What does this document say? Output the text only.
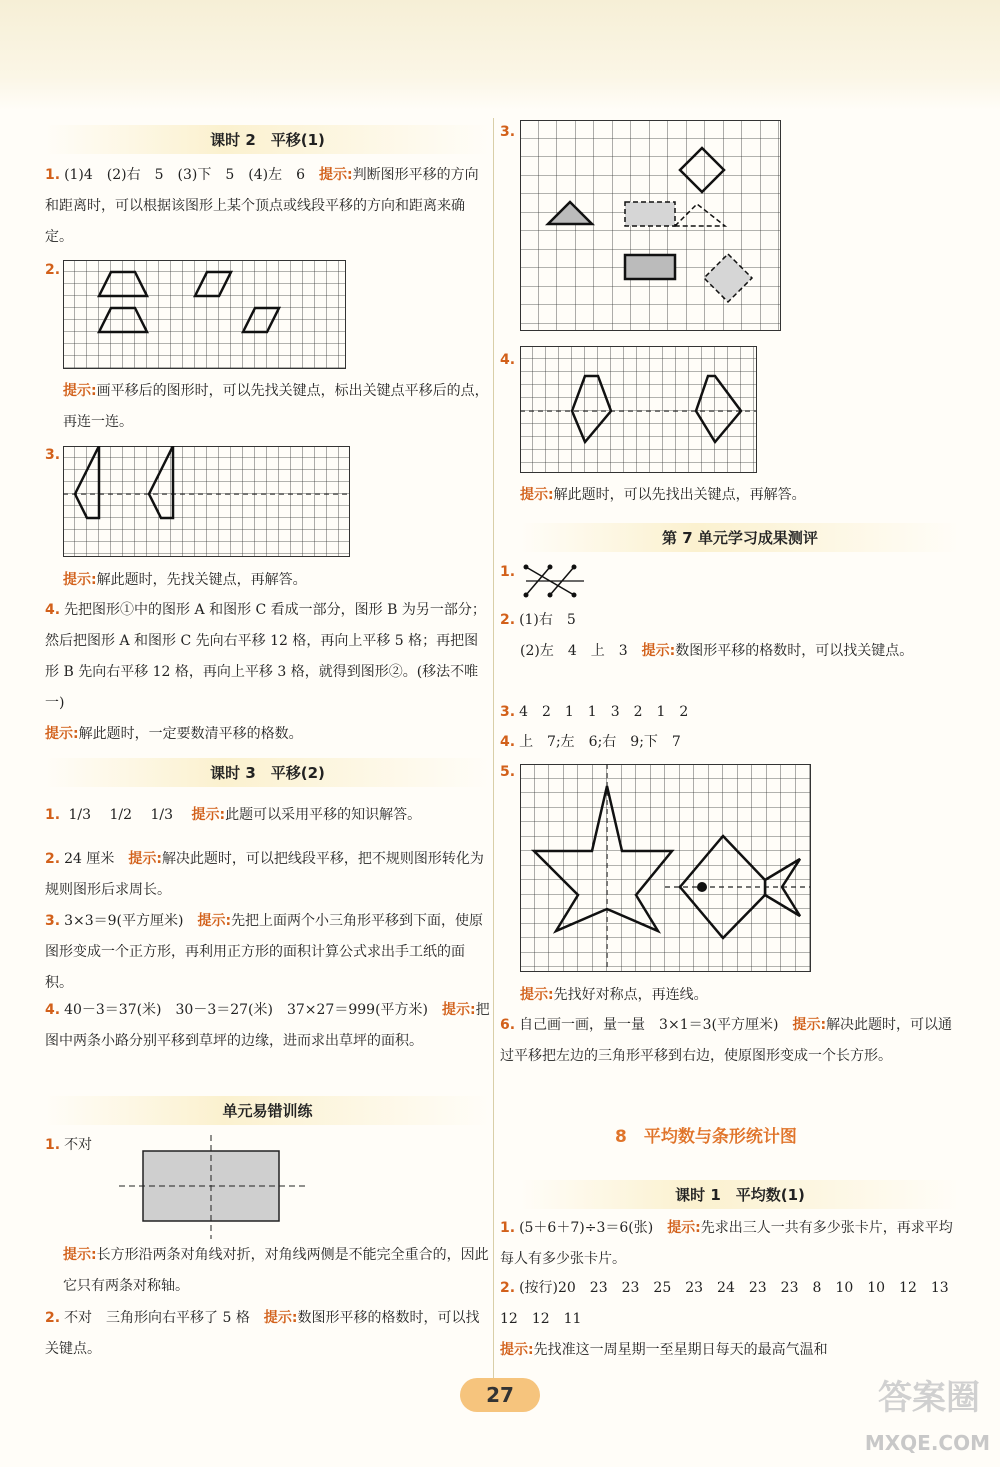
课时 2　平移(1)
1. (1)4　(2)右　5　(3)下　5　(4)左　6　 提示:判断图形平移的方向和距离时，可以根据该图形上某个顶点或线段平移的方向和距离来确定。
2.
提示:画平移后的图形时，可以先找关键点，标出关键点平移后的点，再连一连。
3.
提示:解此题时，先找关键点，再解答。
4. 先把图形①中的图形 A 和图形 C 看成一部分，图形 B 为另一部分；然后把图形 A 和图形 C 先向右平移 12 格，再向上平移 5 格；再把图形 B 先向右平移 12 格，再向上平移 3 格，就得到图形②。(移法不唯一)
提示:解此题时，一定要数清平移的格数。
课时 3　平移(2)
1. 1/3　 1/2　 1/3　 提示:此题可以采用平移的知识解答。
2. 24 厘米　 提示:解决此题时，可以把线段平移，把不规则图形转化为规则图形后求周长。
3. 3×3＝9(平方厘米)　 提示:先把上面两个小三角形平移到下面，使原图形变成一个正方形，再利用正方形的面积计算公式求出手工纸的面积。
4. 40－3＝37(米)　30－3＝27(米)　37×27＝999(平方米)　 提示:把图中两条小路分别平移到草坪的边缘，进而求出草坪的面积。
单元易错训练
1. 不对
提示:长方形沿两条对角线对折，对角线两侧是不能完全重合的，因此它只有两条对称轴。
2. 不对　三角形向右平移了 5 格　 提示:数图形平移的格数时，可以找关键点。
3.
4.
提示:解此题时，可以先找出关键点，再解答。
第 7 单元学习成果测评
1.
2. (1)右　5
(2)左　4　上　3　 提示:数图形平移的格数时，可以找关键点。
3. 4　2　1　1　3　2　1　2
4. 上　7;左　6;右　9;下　7
5.
提示:先找好对称点，再连线。
6. 自己画一画，量一量　3×1＝3(平方厘米)　 提示:解决此题时，可以通过平移把左边的三角形平移到右边，使原图形变成一个长方形。
8　 平均数与条形统计图
课时 1　平均数(1)
1. (5＋6＋7)÷3＝6(张)　 提示:先求出三人一共有多少张卡片，再求平均每人有多少张卡片。
2. (按行)20　23　23　25　23　24　23　23　8　10　10　12　13　12　12　11
提示:先找准这一周星期一至星期日每天的最高气温和
27	答案圈
MXQE.COM
